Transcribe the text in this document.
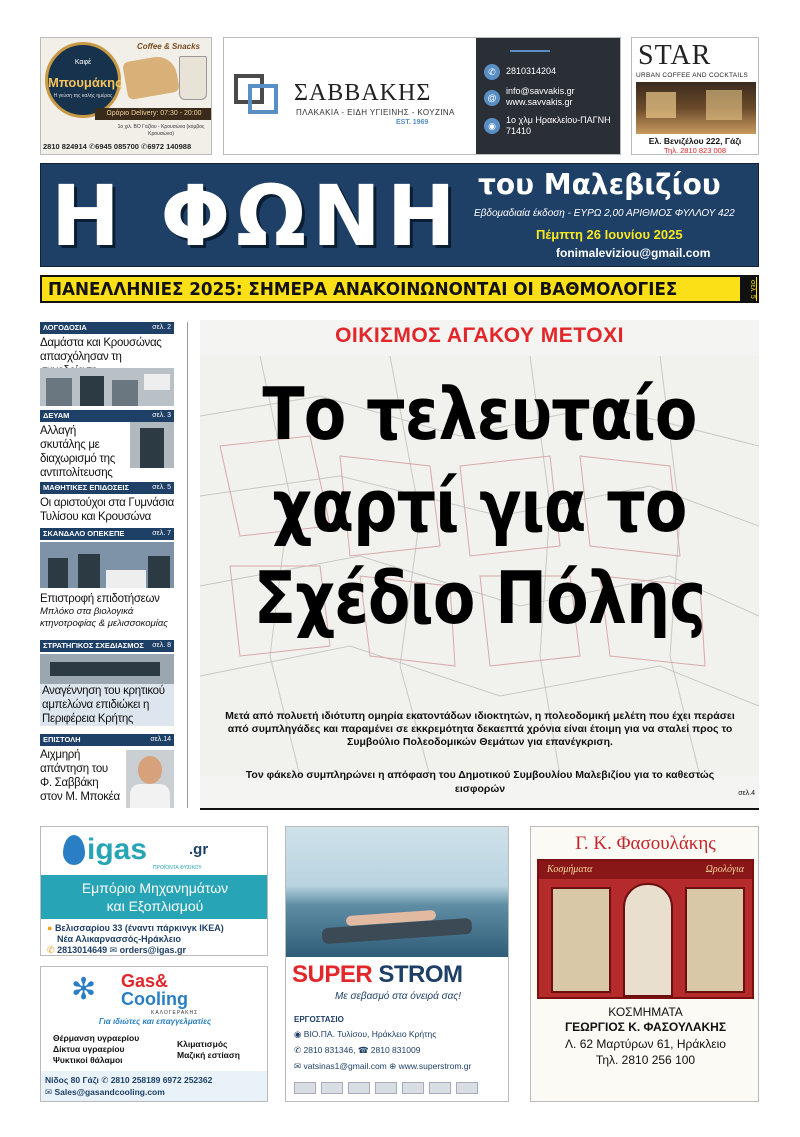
Καφέ
Μπουμάκης
Η γεύση της καλής ημέρας
Coffee & Snacks
Ωράριο Delivery: 07:30 - 20:00
1ο χιλ. ΒΟ Γαζίου - Κρουσώνα (κόμβος Κρουσώνα)
2810 824914 ✆6945 085700 ✆6972 140988
ΣΑΒΒΑΚΗΣ
ΠΛΑΚΑΚΙΑ - ΕΙΔΗ ΥΓΙΕΙΝΗΣ - ΚΟΥΖΙΝΑ
EST. 1969
✆	2810314204
@
info@savvakis.gr
www.savvakis.gr
◉
1ο χλμ Ηρακλείου-ΠΑΓΝΗ
71410
STAR
URBAN COFFEE AND COCKTAILS
Ελ. Βενιζέλου 222, Γάζι
Τηλ. 2810 823 008
Η ΦΩΝΗ του Μαλεβιζίου
Εβδομαδιαία έκδοση - ΕΥΡΩ 2,00 ΑΡΙΘΜΟΣ ΦΥΛΛΟΥ 422
Πέμπτη 26 Ιουνίου 2025
fonimaleviziou@gmail.com
ΠΑΝΕΛΛΗΝΙΕΣ 2025: ΣΗΜΕΡΑ ΑΝΑΚΟΙΝΩΝΟΝΤΑΙ ΟΙ ΒΑΘΜΟΛΟΓΙΕΣ	σελ. 5
ΛΟΓΟΔΟΣΙΑ	σελ. 2
Δαμάστα και Κρουσώνας απασχόλησαν τη
ΔΕΥΑΜ	σελ. 3
Αλλαγή σκυτάλης με διαχωρισμό της αντιπολίτευσης
ΜΑΘΗΤΙΚΕΣ ΕΠΙΔΟΣΕΙΣ	σελ. 5
Οι αριστούχοι στα Γυμνάσια Τυλίσου και Κρουσώνα
ΣΚΑΝΔΑΛΟ ΟΠΕΚΕΠΕ	σελ. 7
Επιστροφή επιδοτήσεων
Μπλόκο στα βιολογικά κτηνοτροφίας & μελισσοκομίας
ΣΤΡΑΤΗΓΙΚΟΣ ΣΧΕΔΙΑΣΜΟΣ σελ. 8
Αναγέννηση του κρητικού αμπελώνα επιδιώκει η Περιφέρεια Κρήτης
ΕΠΙΣΤΟΛΗ	σελ.14
Αιχμηρή απάντηση του Φ. Σαββάκη στον Μ. Μποκέα
ΟΙΚΙΣΜΟΣ ΑΓΑΚΟΥ ΜΕΤΟΧΙ
Το τελευταίο
χαρτί για το
Σχέδιο Πόλης
Μετά από πολυετή ιδιότυπη ομηρία εκατοντάδων ιδιοκτητών, η πολεοδομική μελέτη που έχει περάσει από συμπληγάδες και παραμένει σε εκκρεμότητα δεκαεπτά χρόνια είναι έτοιμη για να σταλεί προς το Συμβούλιο Πολεοδομικών Θεμάτων για επανέγκριση.
Τον φάκελο συμπληρώνει η απόφαση του Δημοτικού Συμβουλίου Μαλεβιζίου για το καθεστώς εισφορών	σελ.4
igas	.gr
ΠΡΟΪΟΝΤΑ ΦΥΣΙΚΟΥ
Εμπόριο Μηχανημάτων
και Εξοπλισμού
● Βελισσαρίου 33 (έναντι πάρκινγκ ΙΚΕΑ)
Νέα Αλικαρνασσός-Ηράκλειο
✆ 2813014649 ✉ orders@igas.gr
✻ Gas&
Cooling
ΚΑΛΟΓΕΡΑΚΗΣ
Για ιδιώτες και επαγγελματίες
Θέρμανση υγραερίου
Δίκτυα υγραερίου
Ψυκτικοί θάλαμοι
Κλιματισμός
Μαζική εστίαση
Νίδος 80 Γάζι ✆ 2810 258189 6972 252362
✉ Sales@gasandcooling.com
SUPER STROM
Με σεβασμό στα όνειρά σας!
ΕΡΓΟΣΤΑΣΙΟ
◉ ΒΙΟ.ΠΑ. Τυλίσου, Ηράκλειο Κρήτης
✆ 2810 831346, ☎ 2810 831009
✉ vatsinas1@gmail.com ⊕ www.superstrom.gr
Γ. Κ. Φασουλάκης
Κοσμήματα	Ωρολόγια
ΚΟΣΜΗΜΑΤΑ
ΓΕΩΡΓΙΟΣ Κ. ΦΑΣΟΥΛΑΚΗΣ
Λ. 62 Μαρτύρων 61, Ηράκλειο
Τηλ. 2810 256 100
